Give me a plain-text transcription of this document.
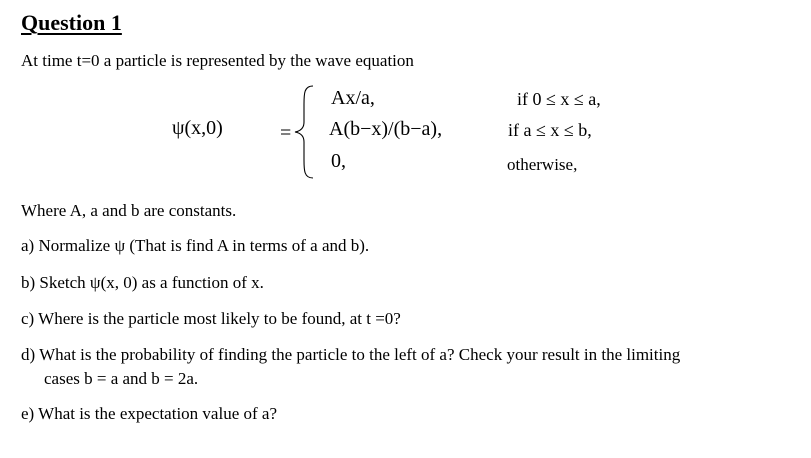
Question 1
At time t=0 a particle is represented by the wave equation
ψ(x,0)	=
Ax/a,
A(b−x)/(b−a),
0,
if 0 ≤ x ≤ a,
if a ≤ x ≤ b,
otherwise,
Where A, a and b are constants.
a) Normalize ψ (That is find A in terms of a and b).
b) Sketch ψ(x, 0) as a function of x.
c) Where is the particle most likely to be found, at t =0?
d) What is the probability of finding the particle to the left of a? Check your result in the limiting
cases b = a and b = 2a.
e) What is the expectation value of a?
